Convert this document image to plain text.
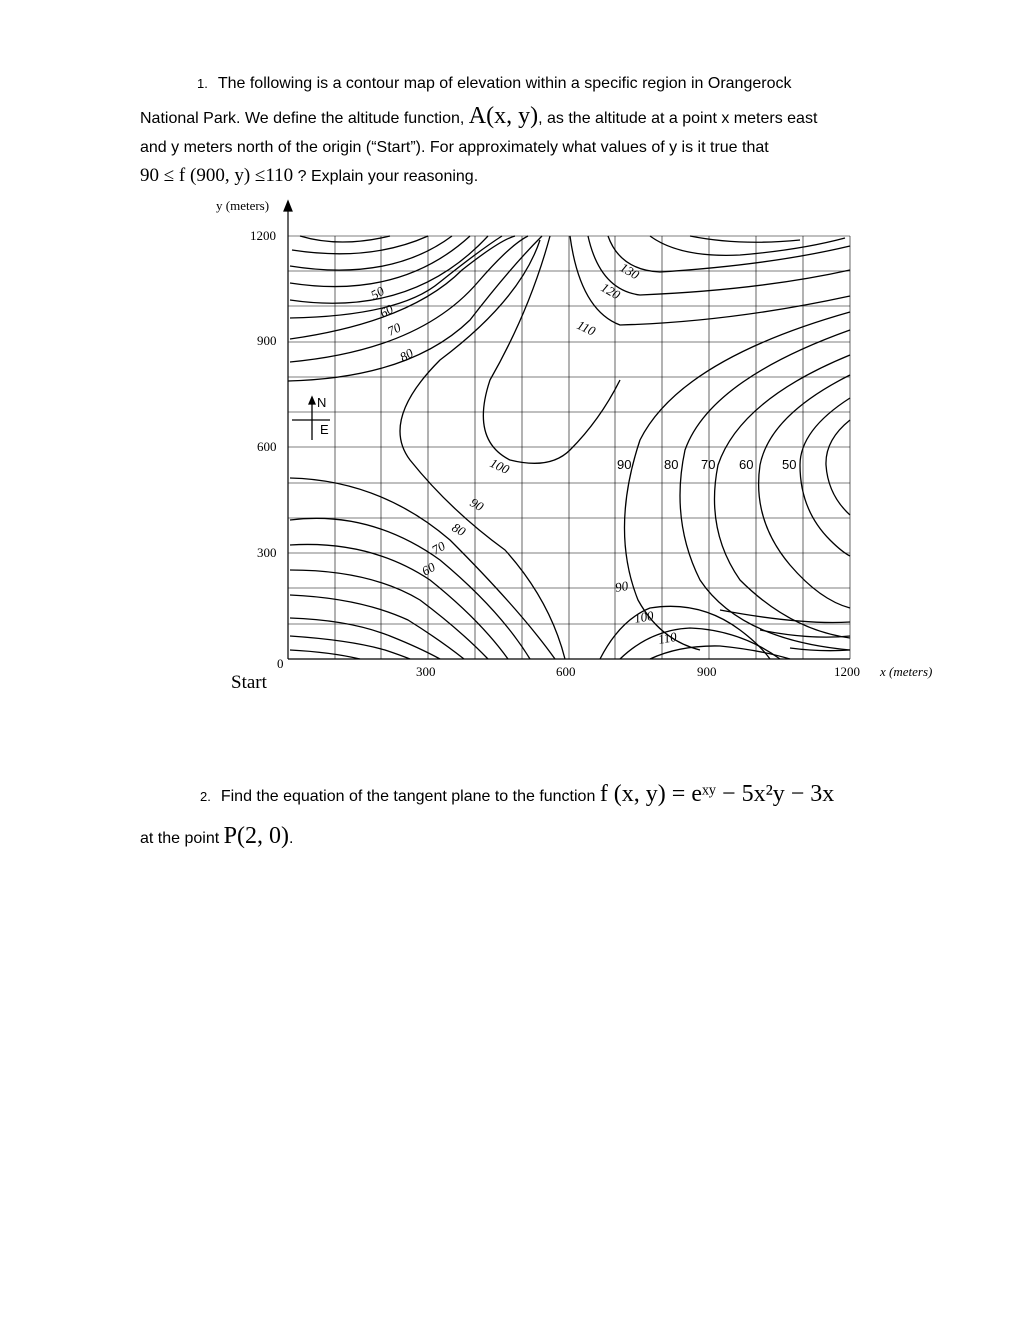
1. The following is a contour map of elevation within a specific region in Orangerock
National Park. We define the altitude function, A(x, y), as the altitude at a point x meters east
and y meters north of the origin (“Start”). For approximately what values of y is it true that
90 ≤ f (900, y) ≤110 ? Explain your reasoning.
N
E
y (meters)
1200
900
600
300
0
Start
300	600	900	1200 x (meters)
50
60
70
80
130
120
110
100
90
80
70
60
90	80 70 60 50
90
100
110
2. Find the equation of the tangent plane to the function f (x, y) = eˣʸ − 5x²y − 3x
at the point P(2, 0).
